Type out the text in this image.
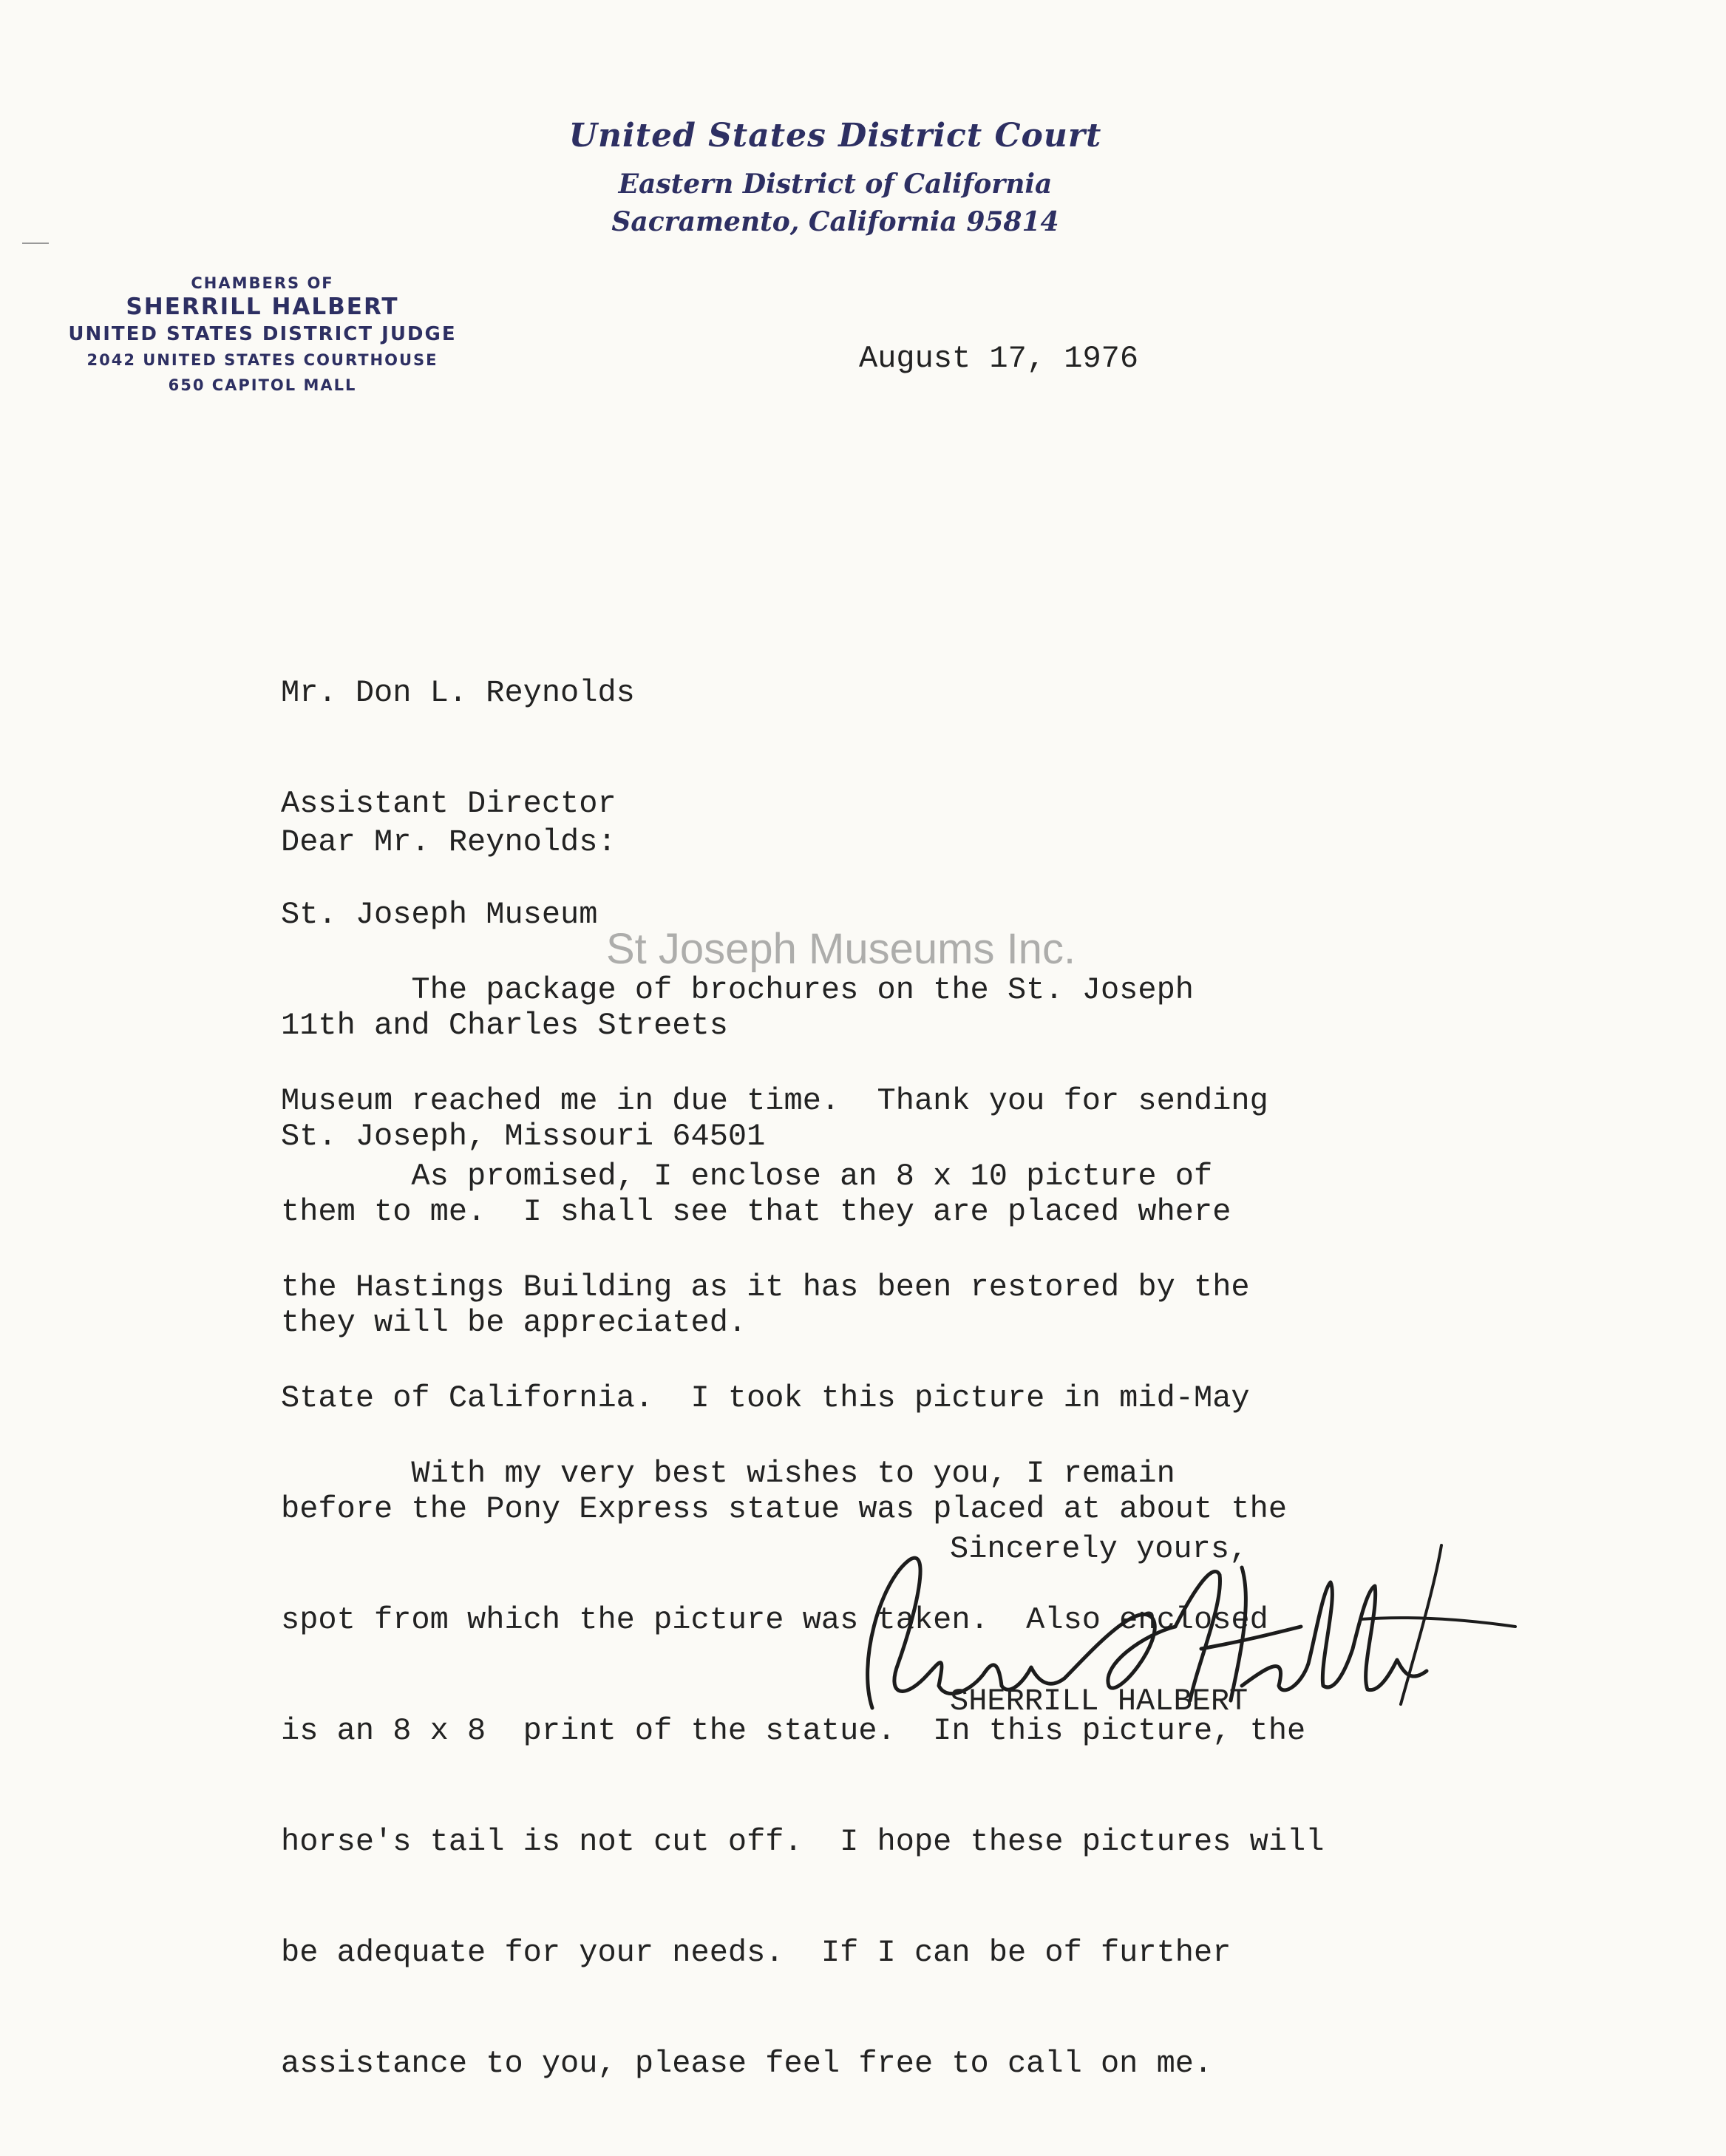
United States District Court
Eastern District of California
Sacramento, California 95814
CHAMBERS OF
SHERRILL HALBERT
UNITED STATES DISTRICT JUDGE
2042 UNITED STATES COURTHOUSE
650 CAPITOL MALL
August 17, 1976

Mr. Don L. Reynolds

Assistant Director

St. Joseph Museum

11th and Charles Streets

St. Joseph, Missouri 64501

Dear Mr. Reynolds:

The package of brochures on the St. Joseph

Museum reached me in due time.  Thank you for sending

them to me.  I shall see that they are placed where

they will be appreciated.

As promised, I enclose an 8 x 10 picture of

the Hastings Building as it has been restored by the

State of California.  I took this picture in mid-May

before the Pony Express statue was placed at about the

spot from which the picture was taken.  Also enclosed

is an 8 x 8  print of the statue.  In this picture, the

horse's tail is not cut off.  I hope these pictures will

be adequate for your needs.  If I can be of further

assistance to you, please feel free to call on me.

With my very best wishes to you, I remain
Sincerely yours,
SHERRILL HALBERT
St Joseph Museums Inc.
